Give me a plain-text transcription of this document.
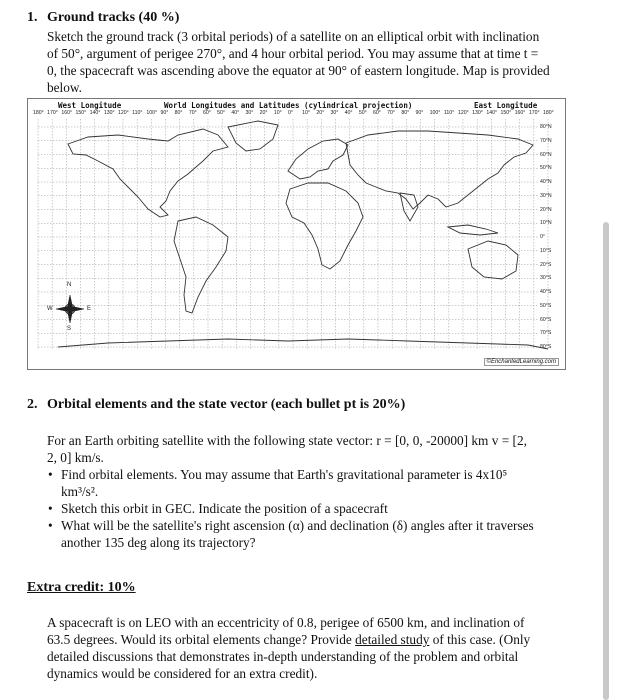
1. Ground tracks (40 %)
Sketch the ground track (3 orbital periods) of a satellite on an elliptical orbit with inclination
of 50°, argument of perigee 270°, and 4 hour orbital period. You may assume that at time t =
0, the spacecraft was ascending above the equator at 90° of eastern longitude. Map is provided
below.
West Longitude	World Longitudes and Latitudes (cylindrical projection)	East Longitude
180° 170° 160° 150° 140° 130° 120° 110° 100° 90° 80° 70° 60° 50° 40° 30° 20° 10° 0° 10° 20° 30° 40° 50° 60° 70° 80° 90° 100° 110° 120° 130° 140° 150° 160° 170° 180°
80°N
70°N
60°N
50°N
40°N
30°N
20°N
10°N
0°
10°S
20°S
30°S
40°S
50°S
60°S
70°S
80°S
N
E
S
W
©EnchantedLearning.com
2. Orbital elements and the state vector (each bullet pt is 20%)
For an Earth orbiting satellite with the following state vector: r = [0, 0, -20000] km v = [2,
2, 0] km/s.
• Find orbital elements. You may assume that Earth's gravitational parameter is 4x10⁵
km³/s².
• Sketch this orbit in GEC. Indicate the position of a spacecraft
• What will be the satellite's right ascension (α) and declination (δ) angles after it traverses
another 135 deg along its trajectory?
Extra credit: 10%
A spacecraft is on LEO with an eccentricity of 0.8, perigee of 6500 km, and inclination of
63.5 degrees. Would its orbital elements change? Provide detailed study of this case. (Only
detailed discussions that demonstrates in-depth understanding of the problem and orbital
dynamics would be considered for an extra credit).
